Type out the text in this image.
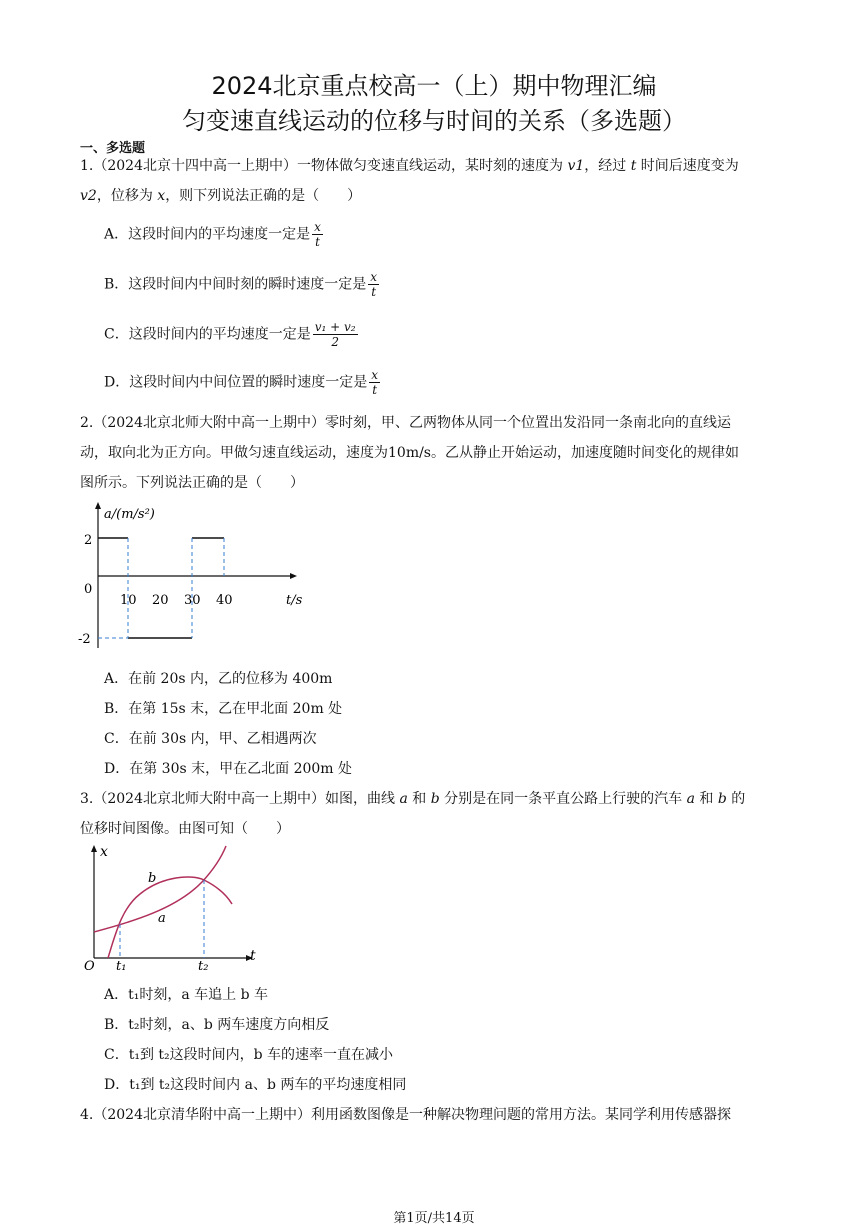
2024北京重点校高一（上）期中物理汇编
匀变速直线运动的位移与时间的关系（多选题）
一、多选题
1.（2024北京十四中高一上期中）一物体做匀变速直线运动，某时刻的速度为 v1，经过 t 时间后速度变为
v2，位移为 x，则下列说法正确的是（　　）
A．这段时间内的平均速度一定是 $\frac{x}{t}$
B．这段时间内中间时刻的瞬时速度一定是 $\frac{x}{t}$
C．这段时间内的平均速度一定是 $\frac{\text{v₁ + v₂}}{2}$
D．这段时间内中间位置的瞬时速度一定是 $\frac{x}{t}$
2.（2024北京北师大附中高一上期中）零时刻，甲、乙两物体从同一个位置出发沿同一条南北向的直线运
动，取向北为正方向。甲做匀速直线运动，速度为10m/s。乙从静止开始运动，加速度随时间变化的规律如
图所示。下列说法正确的是（　　）
a/(m/s²)
t/s
2
0
-2
10 20 30 40
A．在前 20s 内，乙的位移为 400m
B．在第 15s 末，乙在甲北面 20m 处
C．在前 30s 内，甲、乙相遇两次
D．在第 30s 末，甲在乙北面 200m 处
3.（2024北京北师大附中高一上期中）如图，曲线 a 和 b 分别是在同一条平直公路上行驶的汽车 a 和 b 的
位移时间图像。由图可知（　　）
x
t
O t₁	t₂
a
b
A．t₁时刻，a 车追上 b 车
B．t₂时刻，a、b 两车速度方向相反
C．t₁到 t₂这段时间内，b 车的速率一直在减小
D．t₁到 t₂这段时间内 a、b 两车的平均速度相同
4.（2024北京清华附中高一上期中）利用函数图像是一种解决物理问题的常用方法。某同学利用传感器探
第1页/共14页
